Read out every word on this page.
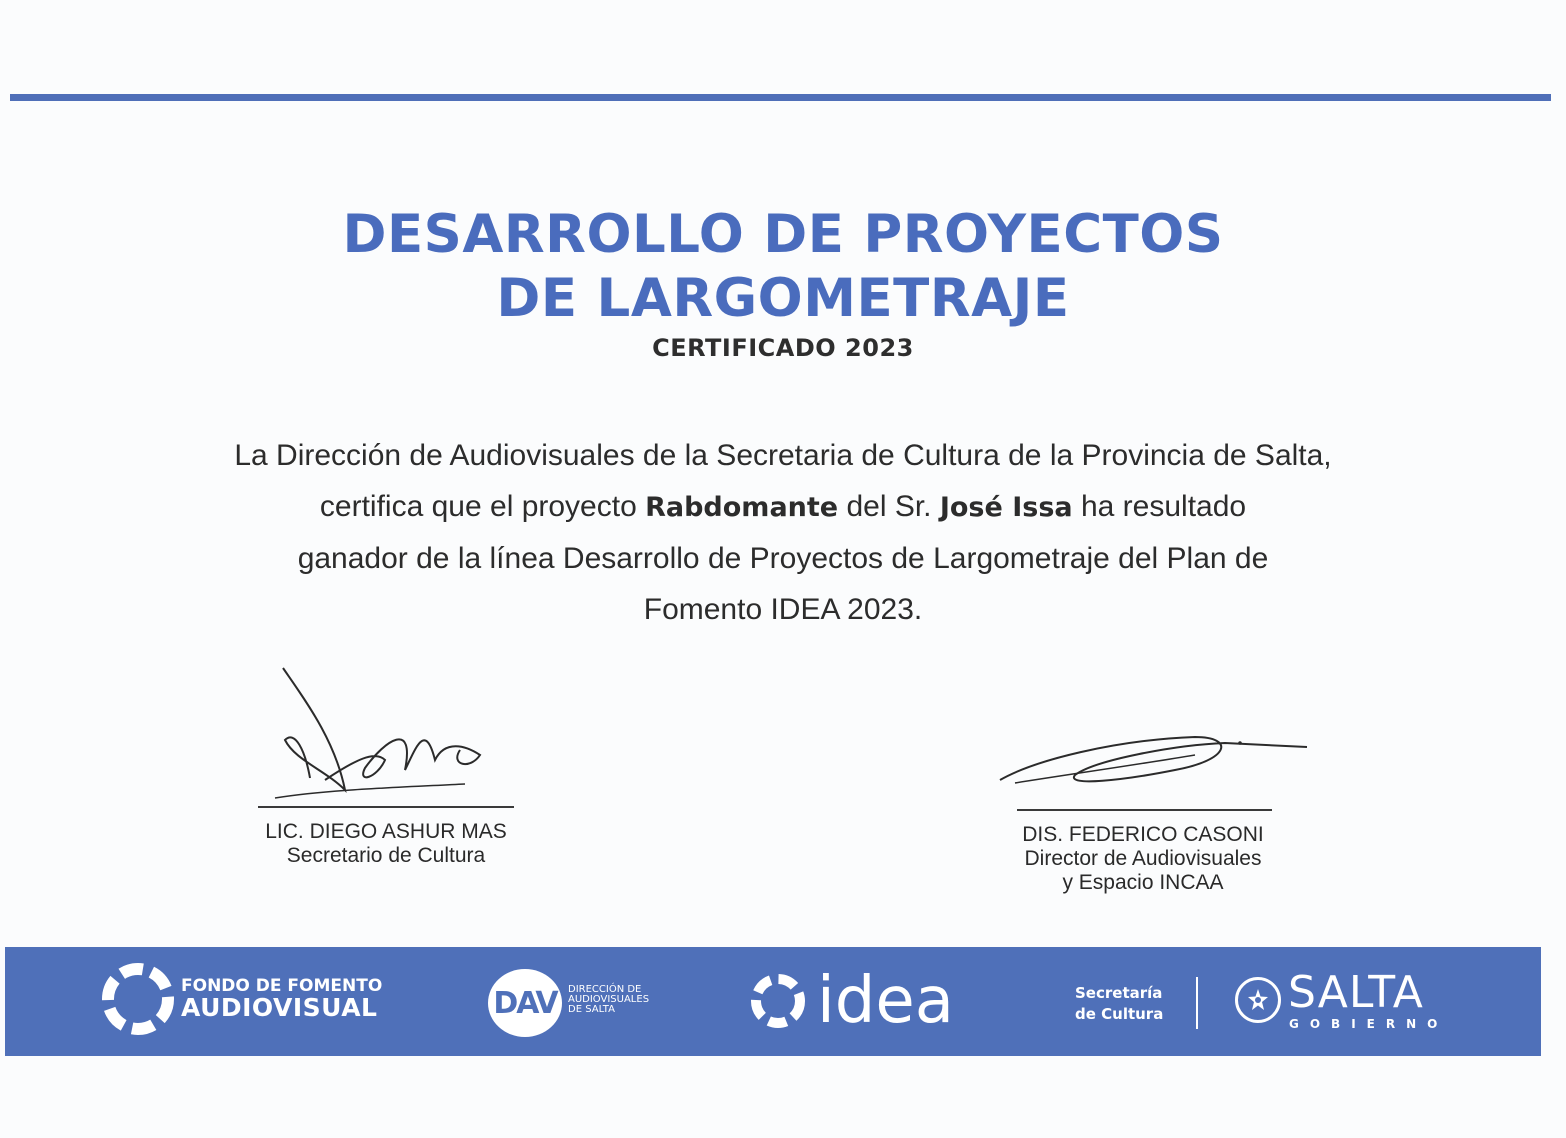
DESARROLLO DE PROYECTOS
DE LARGOMETRAJE
CERTIFICADO 2023
La Dirección de Audiovisuales de la Secretaria de Cultura de la Provincia de Salta,
certifica que el proyecto Rabdomante del Sr. José Issa ha resultado
ganador de la línea Desarrollo de Proyectos de Largometraje del Plan de
Fomento IDEA 2023.
LIC. DIEGO ASHUR MAS
Secretario de Cultura
DIS. FEDERICO CASONI
Director de Audiovisuales
y Espacio INCAA
FONDO DE FOMENTO
AUDIOVISUAL	DAV	DIRECCIÓN DE
AUDIOVISUALES
DE SALTA	idea	Secretaría
de Cultura	SALTA
GOBIERNO
